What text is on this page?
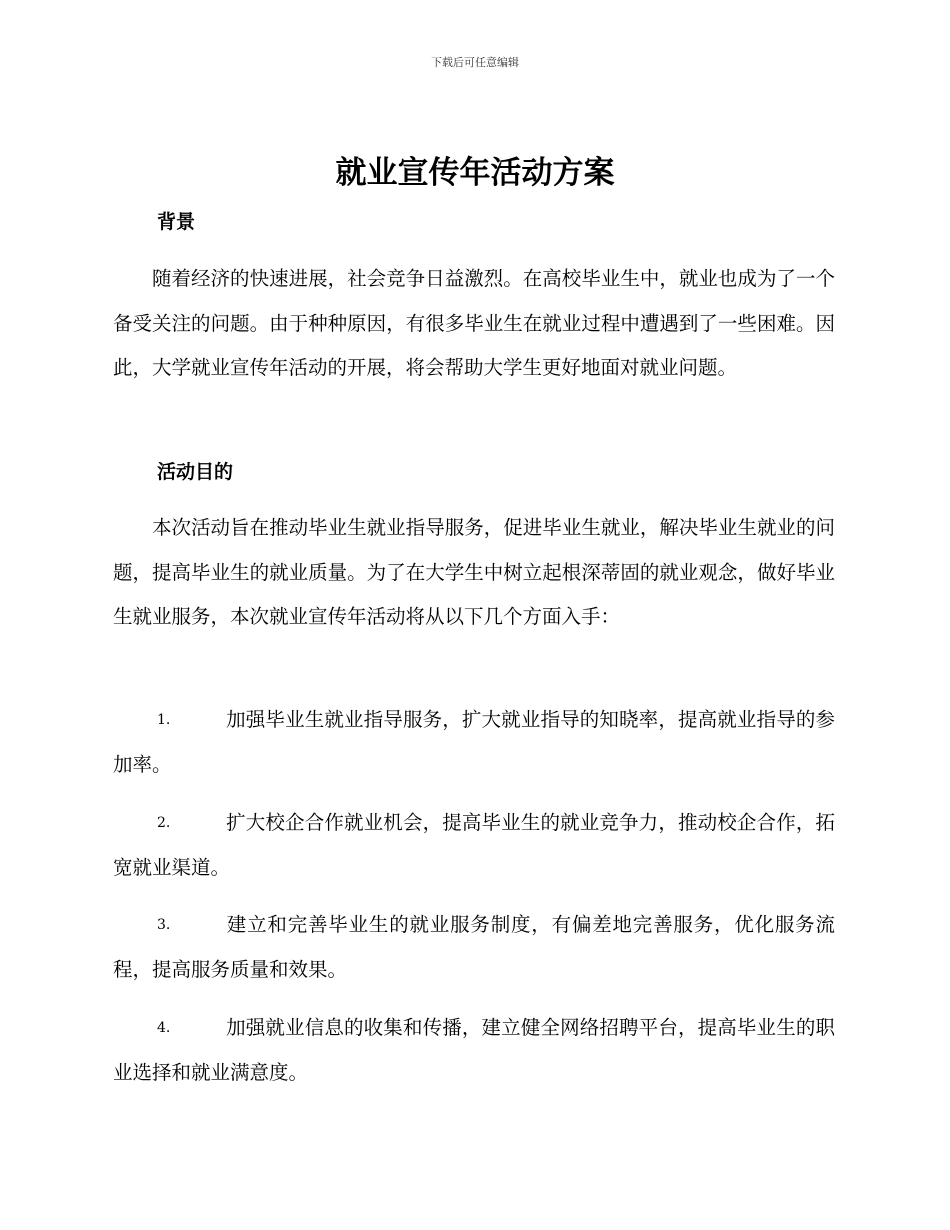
下载后可任意编辑
就业宣传年活动方案
背景

随着经济的快速进展，社会竞争日益激烈。在高校毕业生中，就业也成为了一个备受关注的问题。由于种种原因，有很多毕业生在就业过程中遭遇到了一些困难。因此，大学就业宣传年活动的开展，将会帮助大学生更好地面对就业问题。

活动目的

本次活动旨在推动毕业生就业指导服务，促进毕业生就业，解决毕业生就业的问题，提高毕业生的就业质量。为了在大学生中树立起根深蒂固的就业观念，做好毕业生就业服务，本次就业宣传年活动将从以下几个方面入手：

1.	加强毕业生就业指导服务，扩大就业指导的知晓率，提高就业指导的参加率。

2.	扩大校企合作就业机会，提高毕业生的就业竞争力，推动校企合作，拓宽就业渠道。

3.	建立和完善毕业生的就业服务制度，有偏差地完善服务，优化服务流程，提高服务质量和效果。

4.	加强就业信息的收集和传播，建立健全网络招聘平台，提高毕业生的职业选择和就业满意度。
